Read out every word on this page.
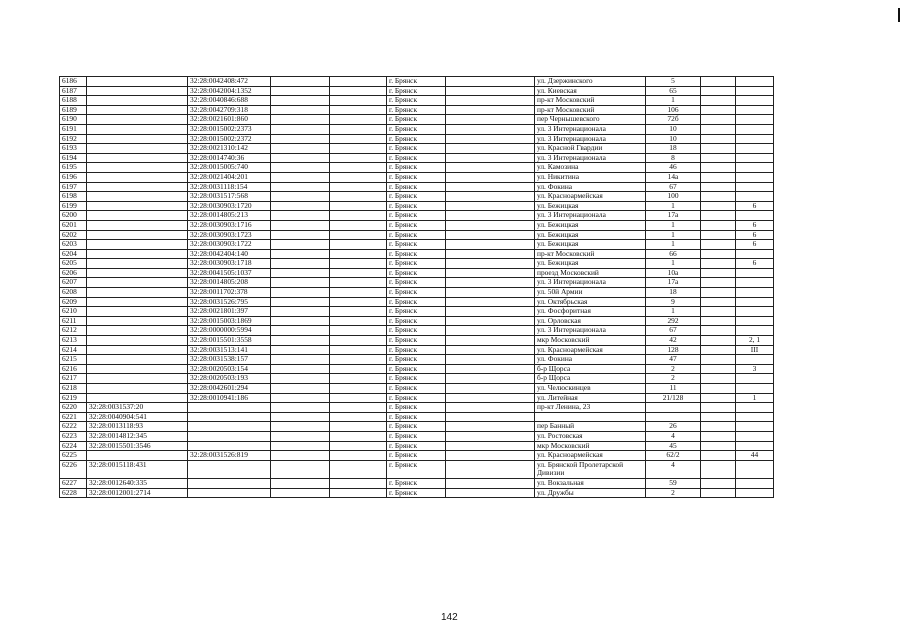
6186		32:28:0042408:472			г. Брянск		ул. Дзержинского	5		
6187		32:28:0042004:1352			г. Брянск		ул. Киевская	65		
6188		32:28:0040846:688			г. Брянск		пр-кт Московский	1		
6189		32:28:0042709:318			г. Брянск		пр-кт Московский	106		
6190		32:28:0021601:860			г. Брянск		пер Чернышевского	72б		
6191		32:28:0015002:2373			г. Брянск		ул. 3 Интернационала	10		
6192		32:28:0015002:2372			г. Брянск		ул. 3 Интернационала	10		
6193		32:28:0021310:142			г. Брянск		ул. Красной Гвардии	18		
6194		32:28:0014740:36			г. Брянск		ул. 3 Интернационала	8		
6195		32:28:0015005:740			г. Брянск		ул. Камозина	46		
6196		32:28:0021404:201			г. Брянск		ул. Никитина	14а		
6197		32:28:0031118:154			г. Брянск		ул. Фокина	67		
6198		32:28:0031517:568			г. Брянск		ул. Красноармейская	100		
6199		32:28:0030903:1720			г. Брянск		ул. Бежицкая	1		6
6200		32:28:0014805:213			г. Брянск		ул. 3 Интернационала	17а		
6201		32:28:0030903:1716			г. Брянск		ул. Бежицкая	1		6
6202		32:28:0030903:1723			г. Брянск		ул. Бежицкая	1		6
6203		32:28:0030903:1722			г. Брянск		ул. Бежицкая	1		6
6204		32:28:0042404:140			г. Брянск		пр-кт Московский	66		
6205		32:28:0030903:1718			г. Брянск		ул. Бежицкая	1		6
6206		32:28:0041505:1037			г. Брянск		проезд Московский	10а		
6207		32:28:0014805:208			г. Брянск		ул. 3 Интернационала	17а		
6208		32:28:0011702:378			г. Брянск		ул. 50й Армии	18		
6209		32:28:0031526:795			г. Брянск		ул. Октябрьская	9		
6210		32:28:0021801:397			г. Брянск		ул. Фосфоритная	1		
6211		32:28:0015003:1869			г. Брянск		ул. Орловская	292		
6212		32:28:0000000:5994			г. Брянск		ул. 3 Интернационала	67		
6213		32:28:0015501:3558			г. Брянск		мкр Московский	42		2, 1
6214		32:28:0031513:141			г. Брянск		ул. Красноармейская	128		III
6215		32:28:0031538:157			г. Брянск		ул. Фокина	47		
6216		32:28:0020503:154			г. Брянск		б-р Щорса	2		3
6217		32:28:0020503:193			г. Брянск		б-р Щорса	2		
6218		32:28:0042601:294			г. Брянск		ул. Челюскинцев	11		
6219		32:28:0010941:186			г. Брянск		ул. Литейная	21/128		1
6220	32:28:0031537:20				г. Брянск		пр-кт Ленина, 23			
6221	32:28:0040904:541				г. Брянск					
6222	32:28:0013118:93				г. Брянск		пер Банный	26		
6223	32:28:0014812:345				г. Брянск		ул. Ростовская	4		
6224	32:28:0015501:3546				г. Брянск		мкр Московский	45		
6225		32:28:0031526:819			г. Брянск		ул. Красноармейская	62/2		44
6226	32:28:0015118:431				г. Брянск		ул. Брянской Пролетарской Дивизии	4		
6227	32:28:0012640:335				г. Брянск		ул. Вокзальная	59		
6228	32:28:0012001:2714				г. Брянск		ул. Дружбы	2		
142
